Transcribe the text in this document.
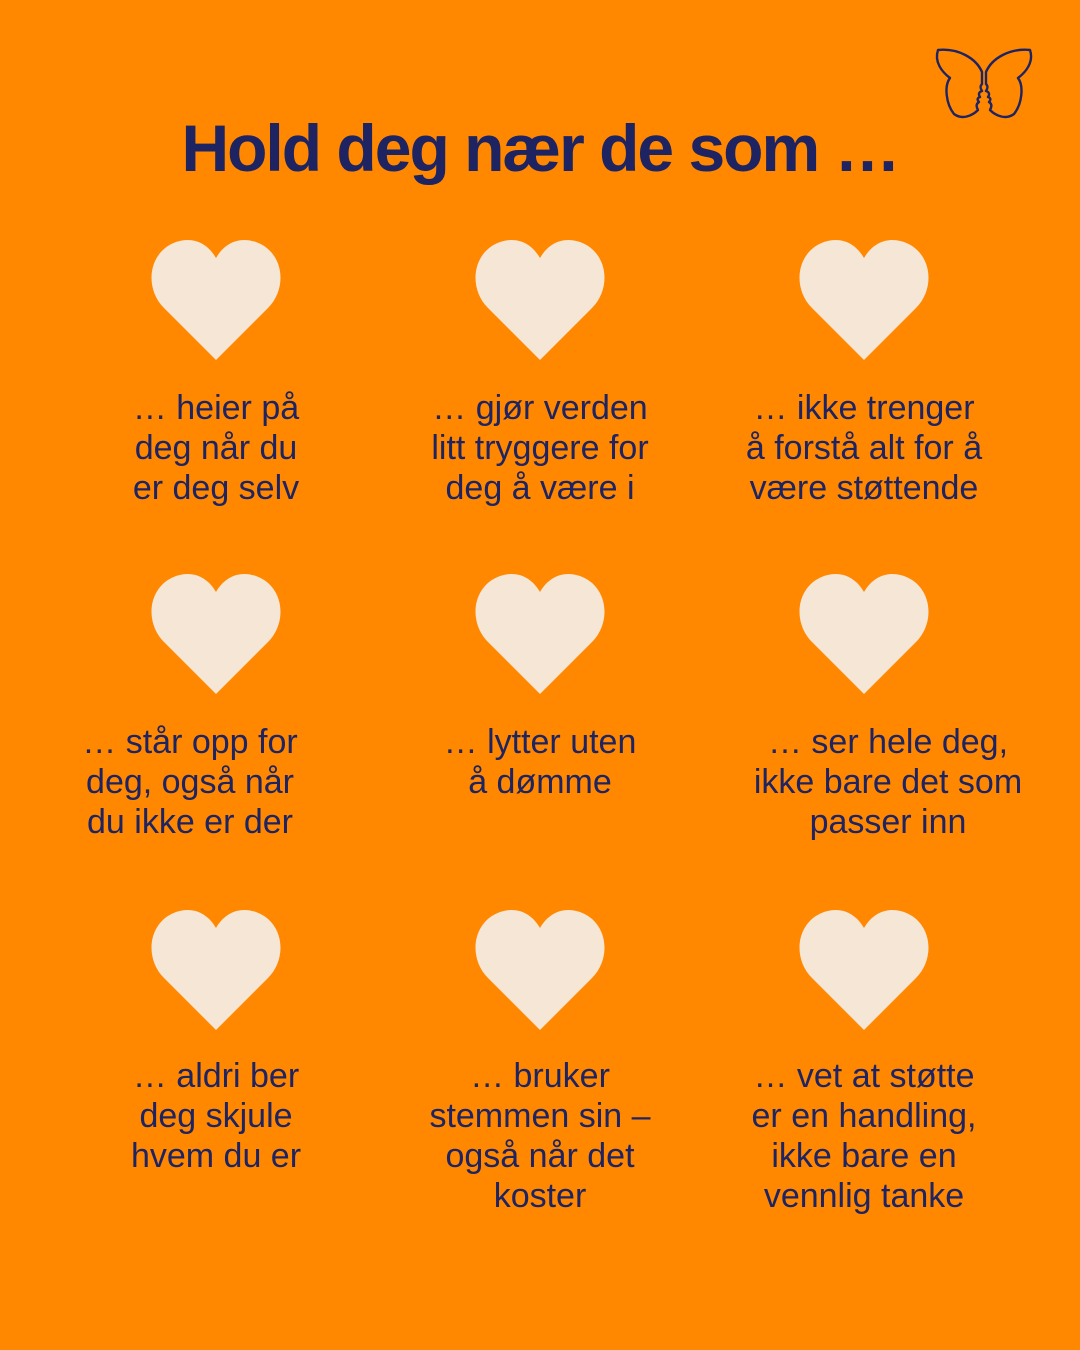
Hold deg nær de som …

… heier på
deg når du
er deg selv

… gjør verden
litt tryggere for
deg å være i

… ikke trenger
å forstå alt for å
være støttende

… står opp for
deg, også når
du ikke er der

… lytter uten
å dømme

… ser hele deg,
ikke bare det som
passer inn

… aldri ber
deg skjule
hvem du er

… bruker
stemmen sin –
også når det
koster

… vet at støtte
er en handling,
ikke bare en
vennlig tanke
